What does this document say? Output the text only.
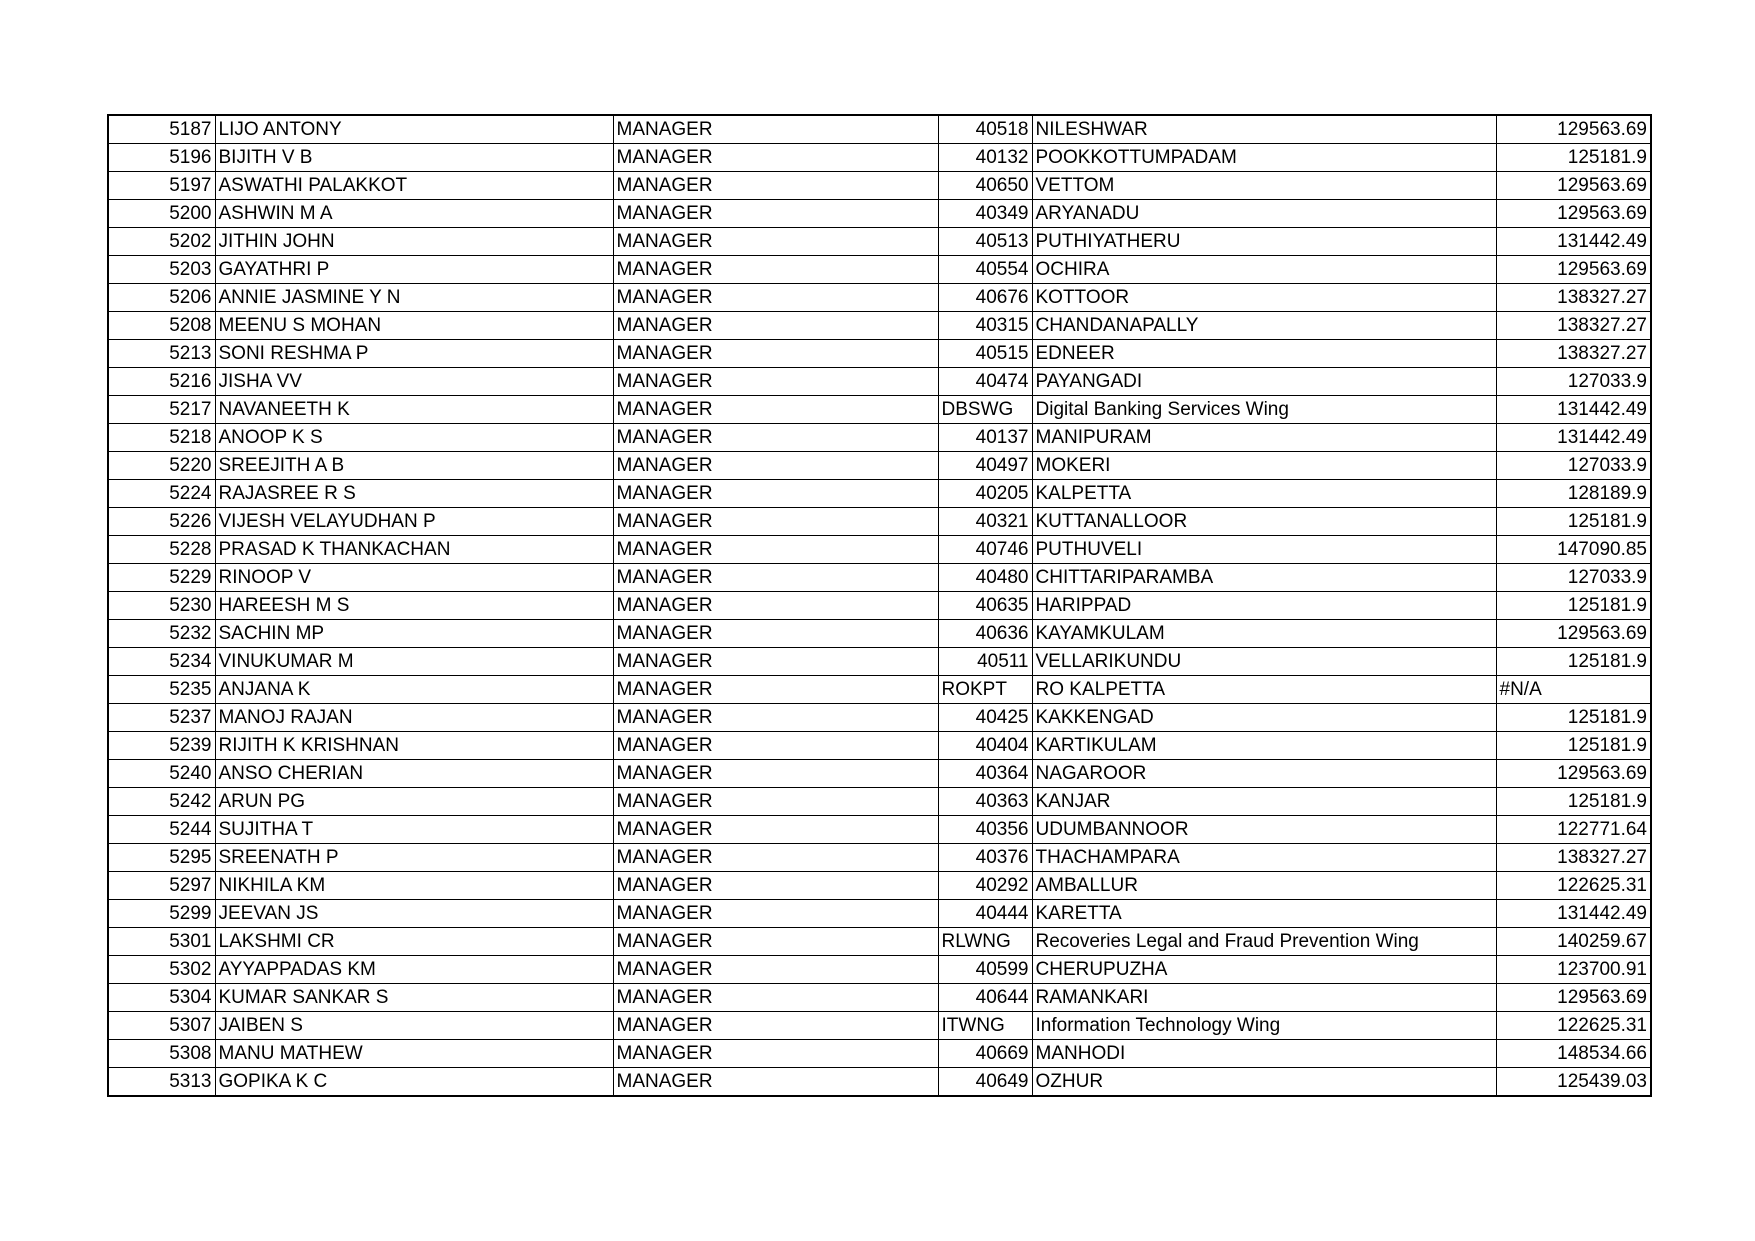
5187	LIJO ANTONY	MANAGER	40518	NILESHWAR	129563.69
5196	BIJITH V B	MANAGER	40132	POOKKOTTUMPADAM	125181.9
5197	ASWATHI PALAKKOT	MANAGER	40650	VETTOM	129563.69
5200	ASHWIN M A	MANAGER	40349	ARYANADU	129563.69
5202	JITHIN JOHN	MANAGER	40513	PUTHIYATHERU	131442.49
5203	GAYATHRI P	MANAGER	40554	OCHIRA	129563.69
5206	ANNIE JASMINE Y N	MANAGER	40676	KOTTOOR	138327.27
5208	MEENU S MOHAN	MANAGER	40315	CHANDANAPALLY	138327.27
5213	SONI RESHMA P	MANAGER	40515	EDNEER	138327.27
5216	JISHA VV	MANAGER	40474	PAYANGADI	127033.9
5217	NAVANEETH K	MANAGER	DBSWG	Digital Banking Services Wing	131442.49
5218	ANOOP K S	MANAGER	40137	MANIPURAM	131442.49
5220	SREEJITH A B	MANAGER	40497	MOKERI	127033.9
5224	RAJASREE R S	MANAGER	40205	KALPETTA	128189.9
5226	VIJESH VELAYUDHAN P	MANAGER	40321	KUTTANALLOOR	125181.9
5228	PRASAD K THANKACHAN	MANAGER	40746	PUTHUVELI	147090.85
5229	RINOOP V	MANAGER	40480	CHITTARIPARAMBA	127033.9
5230	HAREESH M S	MANAGER	40635	HARIPPAD	125181.9
5232	SACHIN MP	MANAGER	40636	KAYAMKULAM	129563.69
5234	VINUKUMAR M	MANAGER	40511	VELLARIKUNDU	125181.9
5235	ANJANA K	MANAGER	ROKPT	RO KALPETTA	#N/A
5237	MANOJ RAJAN	MANAGER	40425	KAKKENGAD	125181.9
5239	RIJITH K KRISHNAN	MANAGER	40404	KARTIKULAM	125181.9
5240	ANSO CHERIAN	MANAGER	40364	NAGAROOR	129563.69
5242	ARUN PG	MANAGER	40363	KANJAR	125181.9
5244	SUJITHA T	MANAGER	40356	UDUMBANNOOR	122771.64
5295	SREENATH P	MANAGER	40376	THACHAMPARA	138327.27
5297	NIKHILA KM	MANAGER	40292	AMBALLUR	122625.31
5299	JEEVAN JS	MANAGER	40444	KARETTA	131442.49
5301	LAKSHMI CR	MANAGER	RLWNG	Recoveries Legal and Fraud Prevention Wing	140259.67
5302	AYYAPPADAS KM	MANAGER	40599	CHERUPUZHA	123700.91
5304	KUMAR SANKAR S	MANAGER	40644	RAMANKARI	129563.69
5307	JAIBEN S	MANAGER	ITWNG	Information Technology Wing	122625.31
5308	MANU MATHEW	MANAGER	40669	MANHODI	148534.66
5313	GOPIKA K C	MANAGER	40649	OZHUR	125439.03
